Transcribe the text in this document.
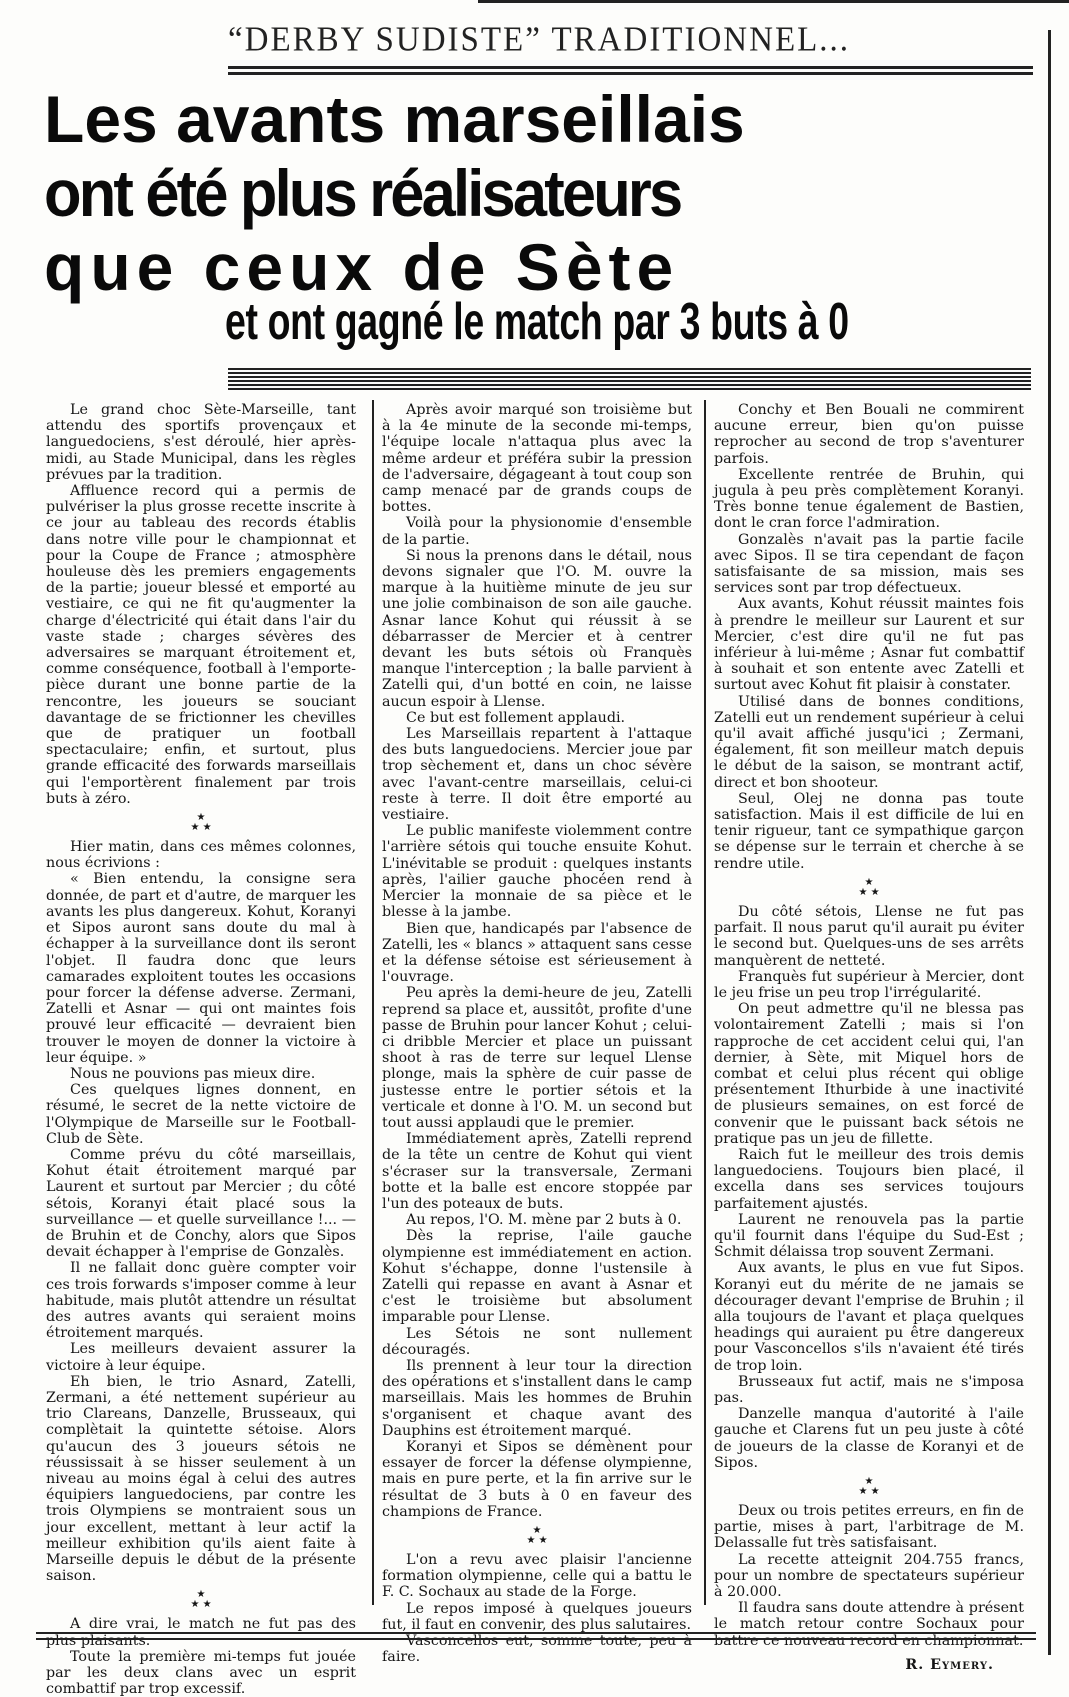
“DERBY SUDISTE” TRADITIONNEL...
Les avants marseillais
ont été plus réalisateurs
que ceux de Sète
et ont gagné le match par 3 buts à 0

Le grand choc Sète-Marseille, tant attendu des sportifs provençaux et languedociens, s'est déroulé, hier après-midi, au Stade Municipal, dans les règles prévues par la tradition.

Affluence record qui a permis de pulvériser la plus grosse recette inscrite à ce jour au tableau des records établis dans notre ville pour le championnat et pour la Coupe de France ; atmosphère houleuse dès les premiers engagements de la partie; joueur blessé et emporté au vestiaire, ce qui ne fit qu'augmenter la charge d'électricité qui était dans l'air du vaste stade ; charges sévères des adversaires se marquant étroitement et, comme conséquence, football à l'emporte-pièce durant une bonne partie de la rencontre, les joueurs se souciant davantage de se frictionner les chevilles que de pratiquer un football spectaculaire; enfin, et surtout, plus grande efficacité des forwards marseillais qui l'emportèrent finalement par trois buts à zéro.

★
★ ★

Hier matin, dans ces mêmes colonnes, nous écrivions :

« Bien entendu, la consigne sera donnée, de part et d'autre, de marquer les avants les plus dangereux. Kohut, Koranyi et Sipos auront sans doute du mal à échapper à la surveillance dont ils seront l'objet. Il faudra donc que leurs camarades exploitent toutes les occasions pour forcer la défense adverse. Zermani, Zatelli et Asnar — qui ont maintes fois prouvé leur efficacité — devraient bien trouver le moyen de donner la victoire à leur équipe. »

Nous ne pouvions pas mieux dire.

Ces quelques lignes donnent, en résumé, le secret de la nette victoire de l'Olympique de Marseille sur le Football-Club de Sète.

Comme prévu du côté marseillais, Kohut était étroitement marqué par Laurent et surtout par Mercier ; du côté sétois, Koranyi était placé sous la surveillance — et quelle surveillance !... — de Bruhin et de Conchy, alors que Sipos devait échapper à l'emprise de Gonzalès.

Il ne fallait donc guère compter voir ces trois forwards s'imposer comme à leur habitude, mais plutôt attendre un résultat des autres avants qui seraient moins étroitement marqués.

Les meilleurs devaient assurer la victoire à leur équipe.

Eh bien, le trio Asnard, Zatelli, Zermani, a été nettement supérieur au trio Clareans, Danzelle, Brusseaux, qui complètait la quintette sétoise. Alors qu'aucun des 3 joueurs sétois ne réussissait à se hisser seulement à un niveau au moins égal à celui des autres équipiers languedociens, par contre les trois Olympiens se montraient sous un jour excellent, mettant à leur actif la meilleur exhibition qu'ils aient faite à Marseille depuis le début de la présente saison.

★
★ ★

A dire vrai, le match ne fut pas des plus plaisants.

Toute la première mi-temps fut jouée par les deux clans avec un esprit combattif par trop excessif.

Après avoir marqué son troisième but à la 4e minute de la seconde mi-temps, l'équipe locale n'attaqua plus avec la même ardeur et préféra subir la pression de l'adversaire, dégageant à tout coup son camp menacé par de grands coups de bottes.

Voilà pour la physionomie d'ensemble de la partie.

Si nous la prenons dans le détail, nous devons signaler que l'O. M. ouvre la marque à la huitième minute de jeu sur une jolie combinaison de son aile gauche. Asnar lance Kohut qui réussit à se débarrasser de Mercier et à centrer devant les buts sétois où Franquès manque l'interception ; la balle parvient à Zatelli qui, d'un botté en coin, ne laisse aucun espoir à Llense.

Ce but est follement applaudi.

Les Marseillais repartent à l'attaque des buts languedociens. Mercier joue par trop sèchement et, dans un choc sévère avec l'avant-centre marseillais, celui-ci reste à terre. Il doit être emporté au vestiaire.

Le public manifeste violemment contre l'arrière sétois qui touche ensuite Kohut. L'inévitable se produit : quelques instants après, l'ailier gauche phocéen rend à Mercier la monnaie de sa pièce et le blesse à la jambe.

Bien que, handicapés par l'absence de Zatelli, les « blancs » attaquent sans cesse et la défense sétoise est sérieusement à l'ouvrage.

Peu après la demi-heure de jeu, Zatelli reprend sa place et, aussitôt, profite d'une passe de Bruhin pour lancer Kohut ; celui-ci dribble Mercier et place un puissant shoot à ras de terre sur lequel Llense plonge, mais la sphère de cuir passe de justesse entre le portier sétois et la verticale et donne à l'O. M. un second but tout aussi applaudi que le premier.

Immédiatement après, Zatelli reprend de la tête un centre de Kohut qui vient s'écraser sur la transversale, Zermani botte et la balle est encore stoppée par l'un des poteaux de buts.

Au repos, l'O. M. mène par 2 buts à 0.

Dès la reprise, l'aile gauche olympienne est immédiatement en action. Kohut s'échappe, donne l'ustensile à Zatelli qui repasse en avant à Asnar et c'est le troisième but absolument imparable pour Llense.

Les Sétois ne sont nullement découragés.

Ils prennent à leur tour la direction des opérations et s'installent dans le camp marseillais. Mais les hommes de Bruhin s'organisent et chaque avant des Dauphins est étroitement marqué.

Koranyi et Sipos se démènent pour essayer de forcer la défense olympienne, mais en pure perte, et la fin arrive sur le résultat de 3 buts à 0 en faveur des champions de France.

★
★ ★

L'on a revu avec plaisir l'ancienne formation olympienne, celle qui a battu le F. C. Sochaux au stade de la Forge.

Le repos imposé à quelques joueurs fut, il faut en convenir, des plus salutaires.

Vasconcellos eut, somme toute, peu à faire.

Conchy et Ben Bouali ne commirent aucune erreur, bien qu'on puisse reprocher au second de trop s'aventurer parfois.

Excellente rentrée de Bruhin, qui jugula à peu près complètement Koranyi. Très bonne tenue également de Bastien, dont le cran force l'admiration.

Gonzalès n'avait pas la partie facile avec Sipos. Il se tira cependant de façon satisfaisante de sa mission, mais ses services sont par trop défectueux.

Aux avants, Kohut réussit maintes fois à prendre le meilleur sur Laurent et sur Mercier, c'est dire qu'il ne fut pas inférieur à lui-même ; Asnar fut combattif à souhait et son entente avec Zatelli et surtout avec Kohut fit plaisir à constater.

Utilisé dans de bonnes conditions, Zatelli eut un rendement supérieur à celui qu'il avait affiché jusqu'ici ; Zermani, également, fit son meilleur match depuis le début de la saison, se montrant actif, direct et bon shooteur.

Seul, Olej ne donna pas toute satisfaction. Mais il est difficile de lui en tenir rigueur, tant ce sympathique garçon se dépense sur le terrain et cherche à se rendre utile.

★
★ ★

Du côté sétois, Llense ne fut pas parfait. Il nous parut qu'il aurait pu éviter le second but. Quelques-uns de ses arrêts manquèrent de netteté.

Franquès fut supérieur à Mercier, dont le jeu frise un peu trop l'irrégularité.

On peut admettre qu'il ne blessa pas volontairement Zatelli ; mais si l'on rapproche de cet accident celui qui, l'an dernier, à Sète, mit Miquel hors de combat et celui plus récent qui oblige présentement Ithurbide à une inactivité de plusieurs semaines, on est forcé de convenir que le puissant back sétois ne pratique pas un jeu de fillette.

Raich fut le meilleur des trois demis languedociens. Toujours bien placé, il excella dans ses services toujours parfaitement ajustés.

Laurent ne renouvela pas la partie qu'il fournit dans l'équipe du Sud-Est ; Schmit délaissa trop souvent Zermani.

Aux avants, le plus en vue fut Sipos. Koranyi eut du mérite de ne jamais se décourager devant l'emprise de Bruhin ; il alla toujours de l'avant et plaça quelques headings qui auraient pu être dangereux pour Vasconcellos s'ils n'avaient été tirés de trop loin.

Brusseaux fut actif, mais ne s'imposa pas.

Danzelle manqua d'autorité à l'aile gauche et Clarens fut un peu juste à côté de joueurs de la classe de Koranyi et de Sipos.

★
★ ★

Deux ou trois petites erreurs, en fin de partie, mises à part, l'arbitrage de M. Delassalle fut très satisfaisant.

La recette atteignit 204.755 francs, pour un nombre de spectateurs supérieur à 20.000.

Il faudra sans doute attendre à présent le match retour contre Sochaux pour battre ce nouveau record en championnat.

R. Eymery.
